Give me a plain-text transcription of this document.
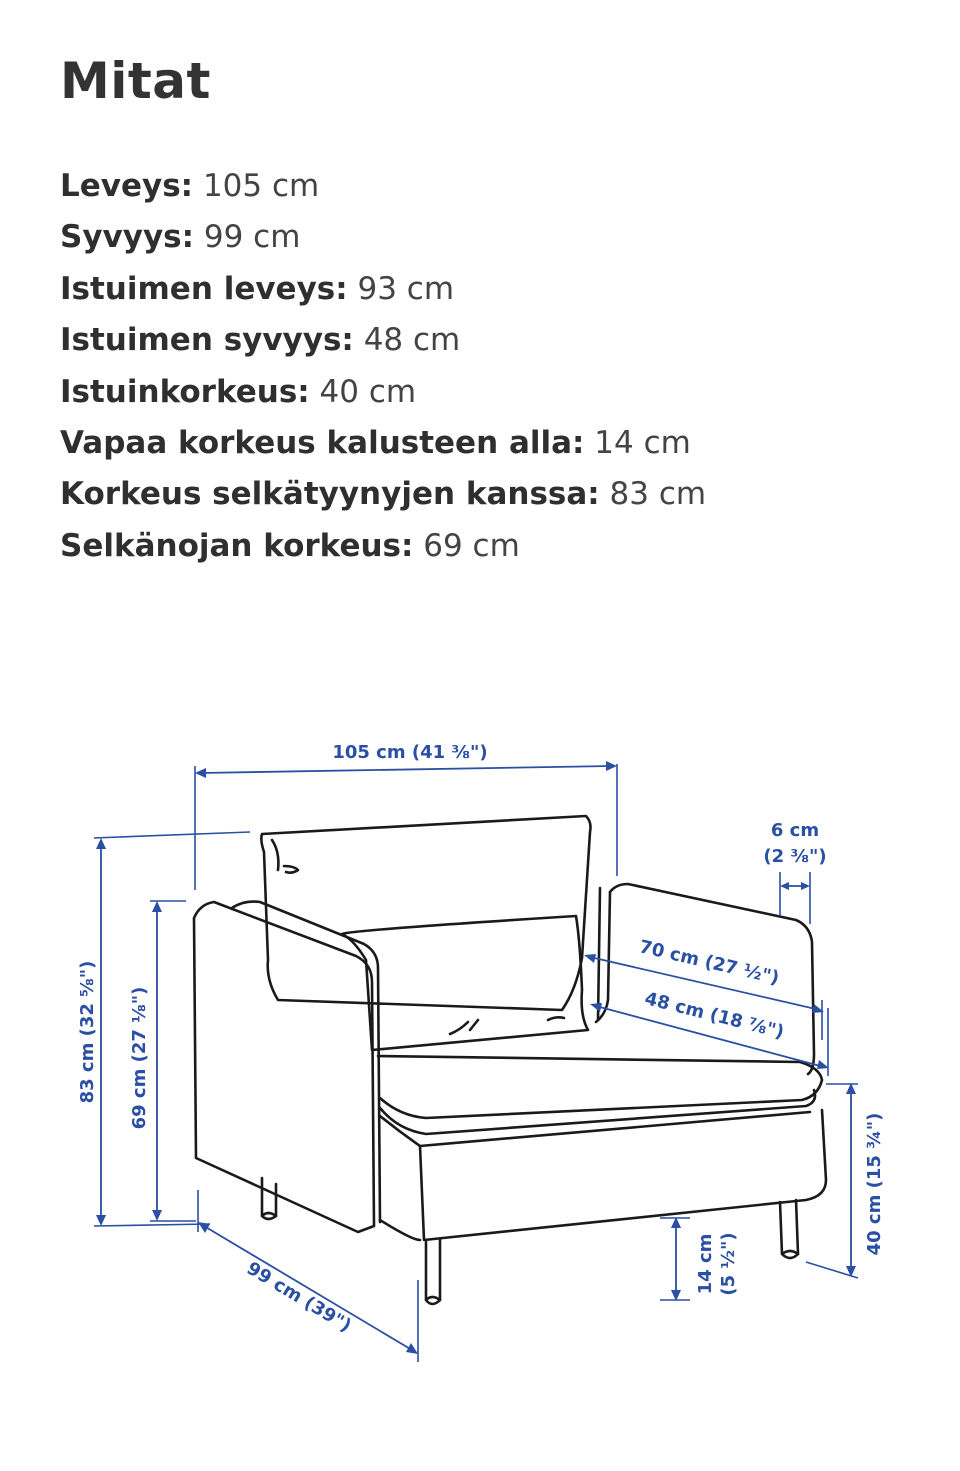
Mitat
Leveys: 105 cm
Syvyys: 99 cm
Istuimen leveys: 93 cm
Istuimen syvyys: 48 cm
Istuinkorkeus: 40 cm
Vapaa korkeus kalusteen alla: 14 cm
Korkeus selkätyynyjen kanssa: 83 cm
Selkänojan korkeus: 69 cm
105 cm (41 ⅜")
6 cm
(2 ⅜")
70 cm (27 ½")
48 cm (18 ⅞")
83 cm (32 ⅝") 69 cm (27 ⅛")
40 cm (15 ¾")
14 cm (5 ½")
99 cm (39")
